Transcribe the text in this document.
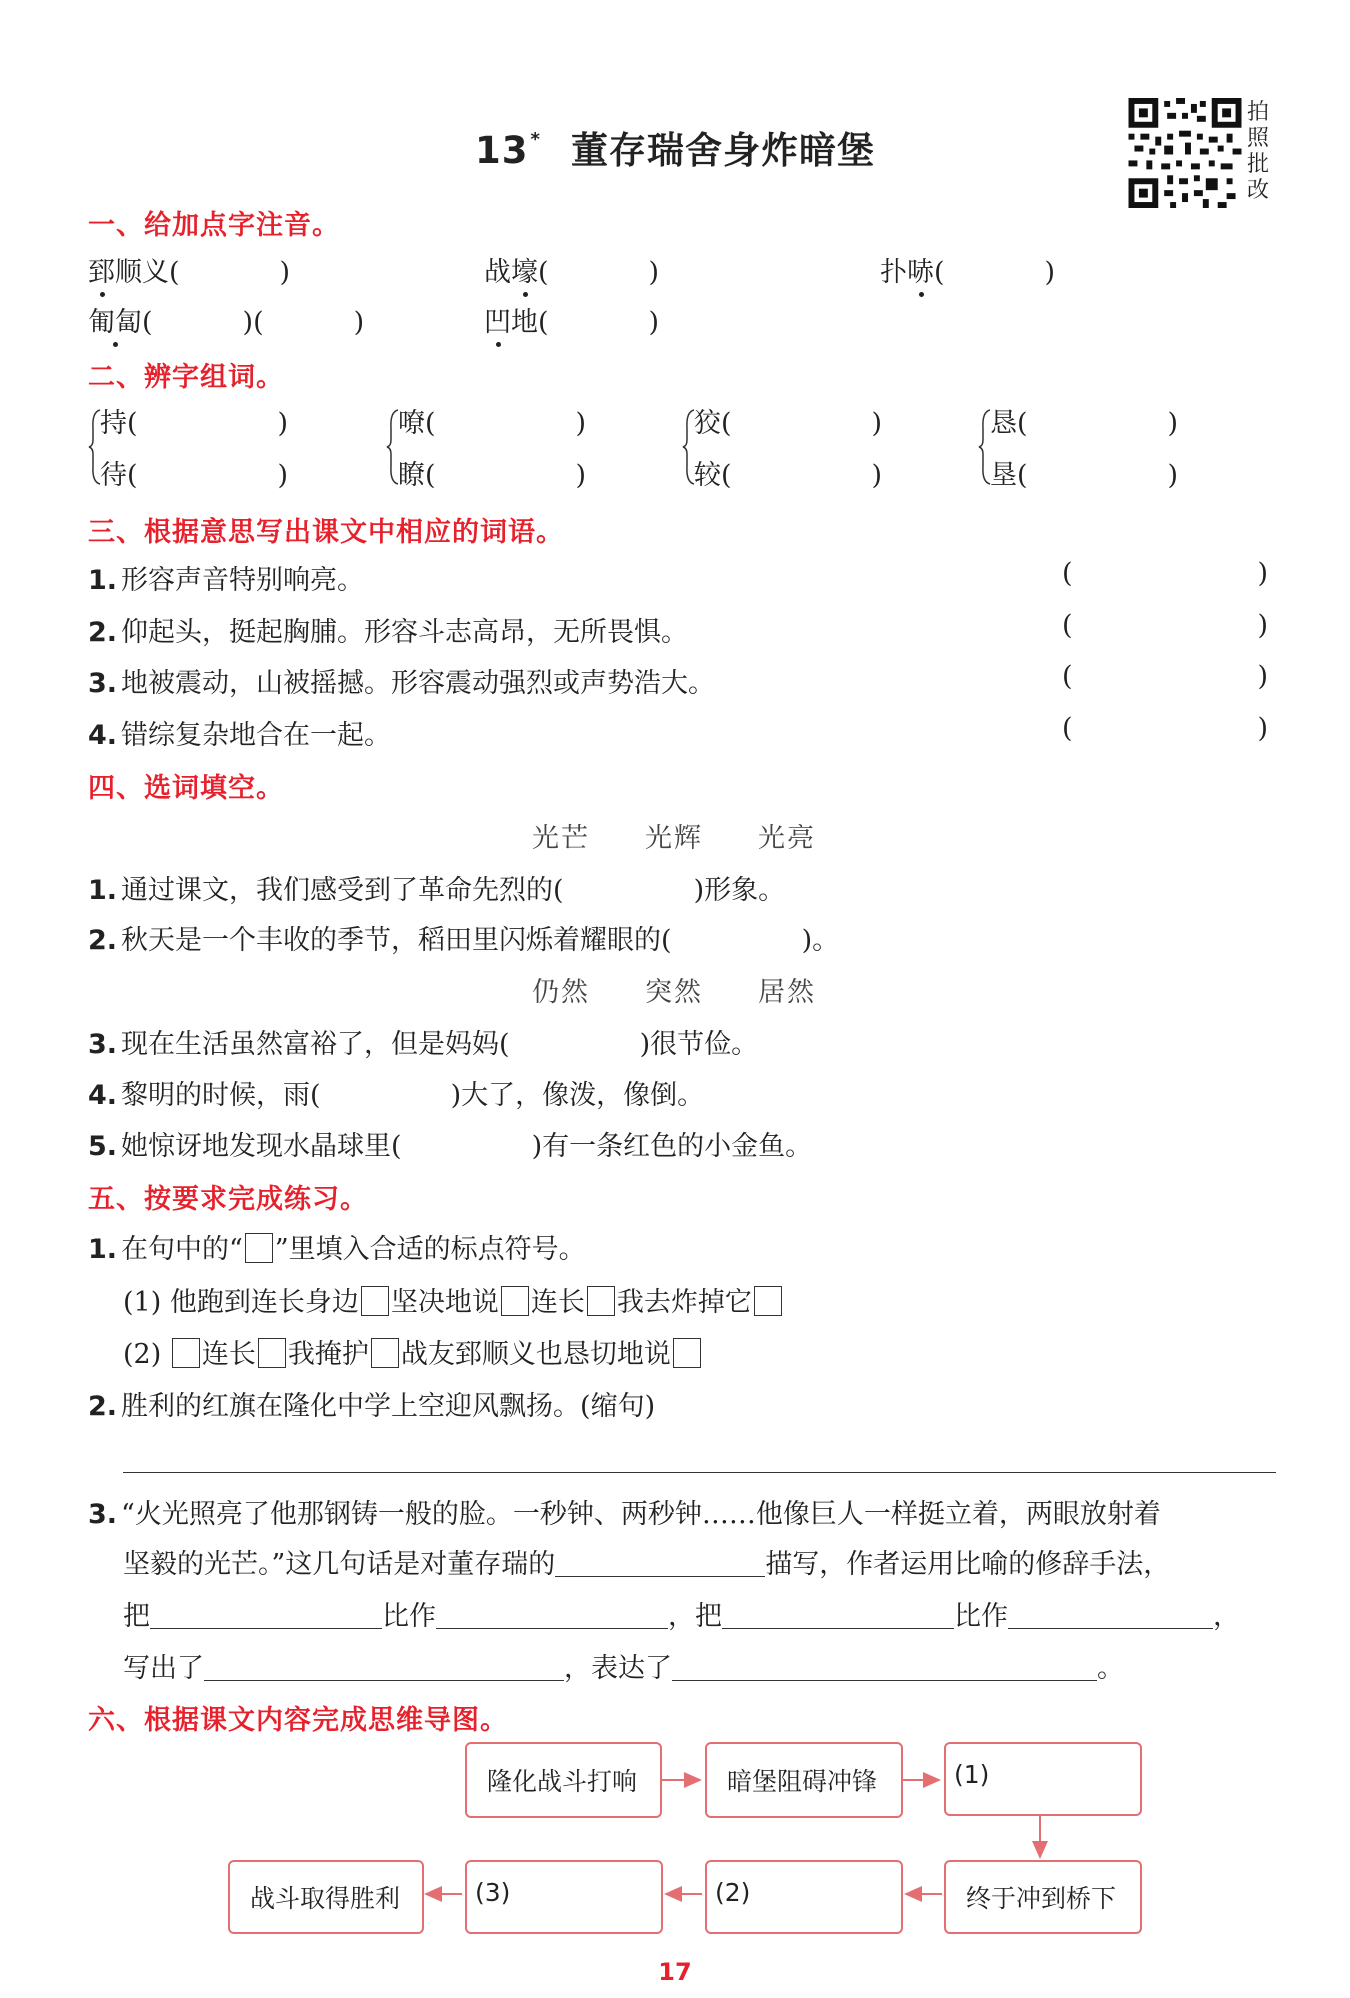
13 * 董存瑞舍身炸暗堡
拍
照
批
改
一、给加点字注音。
郅顺义(	)	战壕(	)	扑哧(	)
匍匐(	)(	)	凹地(	)
二、辨字组词。
持(	)
待(	)
嘹(	)
瞭(	)
狡(	)
较(	)
恳(	)
垦(	)
三、根据意思写出课文中相应的词语。
1. 形容声音特别响亮。	(	)
2. 仰起头，挺起胸脯。形容斗志高昂，无所畏惧。	(	)
3. 地被震动，山被摇撼。形容震动强烈或声势浩大。	(	)
4. 错综复杂地合在一起。	(	)
四、选词填空。
光芒 光辉 光亮
1. 通过课文，我们感受到了革命先烈的(	)形象。
2. 秋天是一个丰收的季节，稻田里闪烁着耀眼的(	)。
仍然 突然 居然
3. 现在生活虽然富裕了，但是妈妈(	)很节俭。
4. 黎明的时候，雨(	)大了，像泼，像倒。
5. 她惊讶地发现水晶球里(	)有一条红色的小金鱼。
五、按要求完成练习。
1. 在句中的“ ”里填入合适的标点符号。
(1) 他跑到连长身边 坚决地说 连长 我去炸掉它
(2) 连长 我掩护 战友郅顺义也恳切地说
2. 胜利的红旗在隆化中学上空迎风飘扬。(缩句)
3. “火光照亮了他那钢铸一般的脸。一秒钟、两秒钟……他像巨人一样挺立着，两眼放射着
坚毅的光芒。”这几句话是对董存瑞的	描写，作者运用比喻的修辞手法，
把	比作	，把	比作	，
写出了	，表达了	。
六、根据课文内容完成思维导图。
隆化战斗打响	暗堡阻碍冲锋	(1)
终于冲到桥下
(2)
(3)
战斗取得胜利
17
